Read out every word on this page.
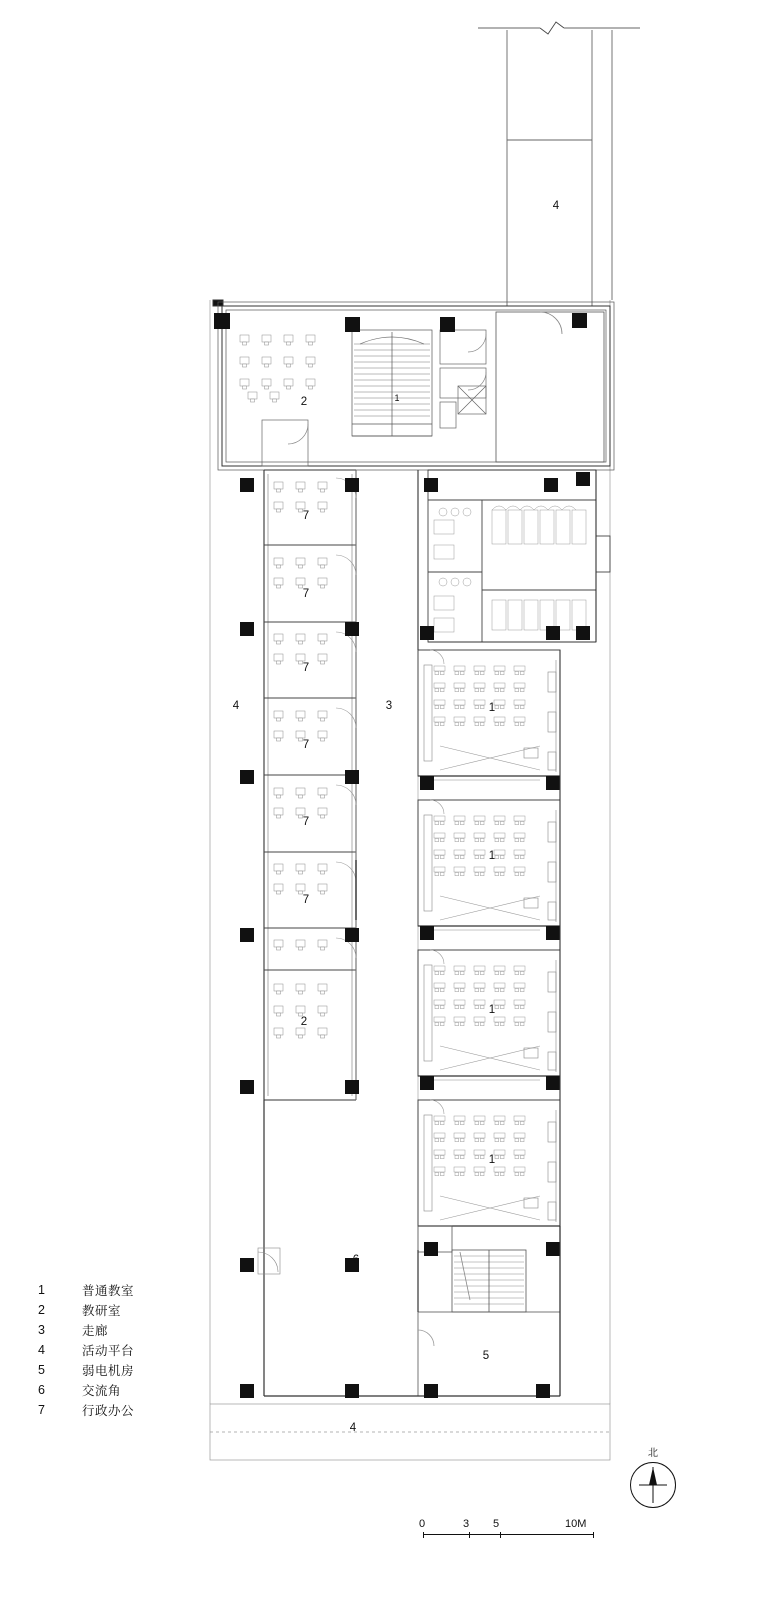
4
2
7
7
7
7
7
7
2
4	3	1
1
1
1
6
5
4
1
1	普通教室
2	教研室
3	走廊
4	活动平台
5	弱电机房
6	交流角
7	行政办公
0	3 5	10M
北
